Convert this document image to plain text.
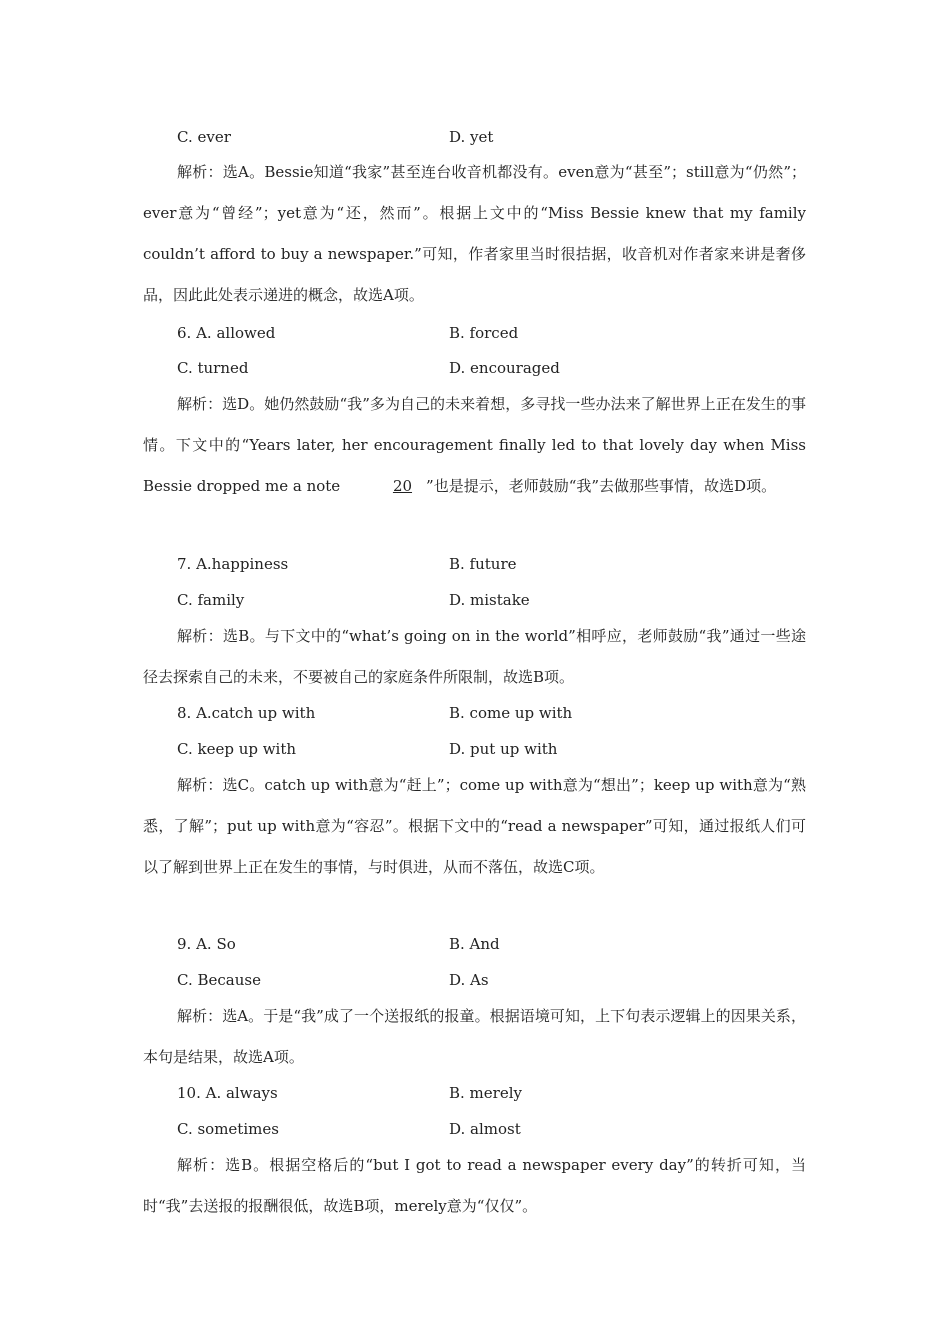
C. ever	D. yet

解析：选A。Bessie知道“我家”甚至连台收音机都没有。even意为“甚至”；still意为“仍然”；ever意为“曾经”；yet意为“还，然而”。根据上文中的“Miss Bessie knew that my family couldn’t afford to buy a newspaper.”可知，作者家里当时很拮据，收音机对作者家来讲是奢侈品，因此此处表示递进的概念，故选A项。

6. A. allowed	B. forced
C. turned	D. encouraged

解析：选D。她仍然鼓励“我”多为自己的未来着想，多寻找一些办法来了解世界上正在发生的事情。下文中的“Years later, her encouragement finally led to that lovely day when Miss Bessie dropped me a note	20 ”也是提示，老师鼓励“我”去做那些事情，故选D项。

7. A.happiness	B. future
C. family	D. mistake

解析：选B。与下文中的“what’s going on in the world”相呼应，老师鼓励“我”通过一些途径去探索自己的未来，不要被自己的家庭条件所限制，故选B项。

8. A.catch up with	B. come up with
C. keep up with	D. put up with

解析：选C。catch up with意为“赶上”；come up with意为“想出”；keep up with意为“熟悉，了解”；put up with意为“容忍”。根据下文中的“read a newspaper”可知，通过报纸人们可以了解到世界上正在发生的事情，与时俱进，从而不落伍，故选C项。

9. A. So	B. And
C. Because	D. As

解析：选A。于是“我”成了一个送报纸的报童。根据语境可知，上下句表示逻辑上的因果关系，本句是结果，故选A项。

10. A. always	B. merely
C. sometimes	D. almost

解析：选B。根据空格后的“but I got to read a newspaper every day”的转折可知，当时“我”去送报的报酬很低，故选B项，merely意为“仅仅”。
